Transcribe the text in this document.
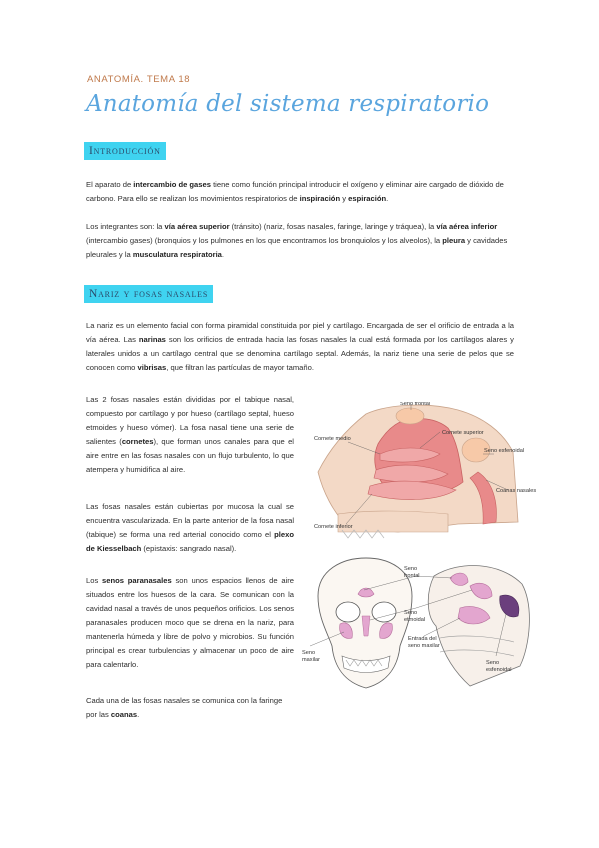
ANATOMÍA. TEMA 18
Anatomía del sistema respiratorio
Introducción

El aparato de intercambio de gases tiene como función principal introducir el oxígeno y eliminar aire cargado de dióxido de carbono. Para ello se realizan los movimientos respiratorios de inspiración y espiración.

Los integrantes son: la vía aérea superior (tránsito) (nariz, fosas nasales, faringe, laringe y tráquea), la vía aérea inferior (intercambio gases) (bronquios y los pulmones en los que encontramos los bronquiolos y los alveolos), la pleura y cavidades pleurales y la musculatura respiratoria.

Nariz y fosas nasales

La nariz es un elemento facial con forma piramidal constituida por piel y cartílago. Encargada de ser el orificio de entrada a la vía aérea. Las narinas son los orificios de entrada hacia las fosas nasales la cual está formada por los cartílagos alares y laterales unidos a un cartílago central que se denomina cartílago septal. Además, la nariz tiene una serie de pelos que se conocen como vibrisas, que filtran las partículas de mayor tamaño.

Las 2 fosas nasales están divididas por el tabique nasal, compuesto por cartílago y por hueso (cartílago septal, hueso etmoides y hueso vómer). La fosa nasal tiene una serie de salientes (cornetes), que forman unos canales para que el aire entre en las fosas nasales con un flujo turbulento, lo que atempera y humidifica al aire.

Las fosas nasales están cubiertas por mucosa la cual se encuentra vascularizada. En la parte anterior de la fosa nasal (tabique) se forma una red arterial conocido como el plexo de Kiesselbach (epistaxis: sangrado nasal).

Los senos paranasales son unos espacios llenos de aire situados entre los huesos de la cara. Se comunican con la cavidad nasal a través de unos pequeños orificios. Los senos paranasales producen moco que se drena en la nariz, para mantenerla húmeda y libre de polvo y microbios. Su función principal es crear turbulencias y almacenar un poco de aire para calentarlo.

Cada una de las fosas nasales se comunica con la faringe por las coanas.

Seno frontal
Cornete medio
Cornete superior
Seno esfenoidal
Coanas nasales
Cornete inferior
Seno
frontal
Seno
etmoidal
Seno
maxilar
Entrada del
seno maxilar
Seno
esfenoidal
